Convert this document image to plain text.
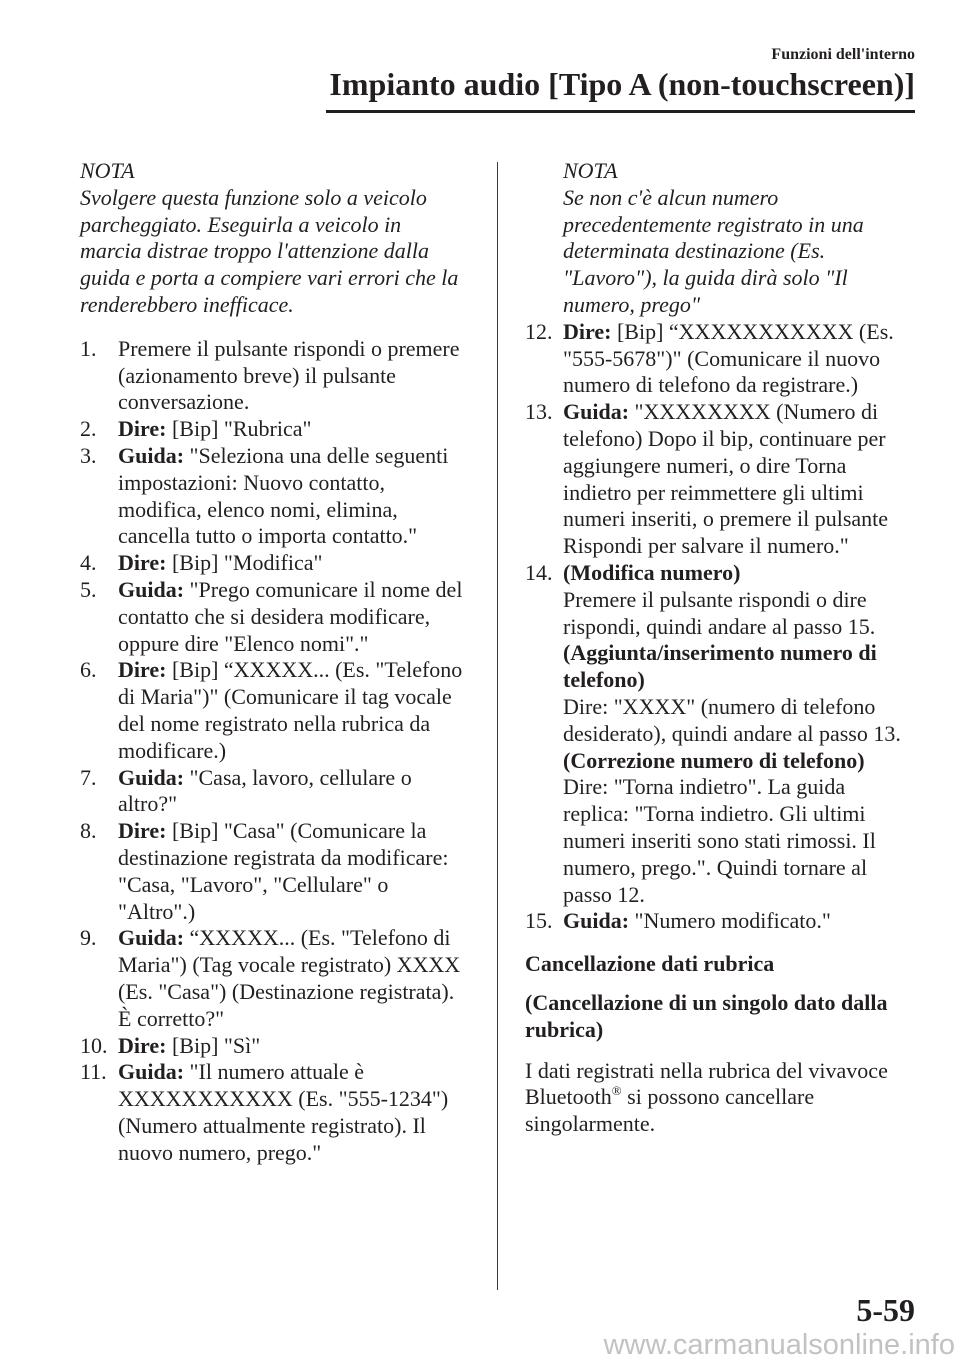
Funzioni dell'interno
Impianto audio [Tipo A (non-touchscreen)]
NOTA
Svolgere questa funzione solo a veicolo
parcheggiato. Eseguirla a veicolo in
marcia distrae troppo l'attenzione dalla
guida e porta a compiere vari errori che la
renderebbero inefficace.
1. Premere il pulsante rispondi o premere
(azionamento breve) il pulsante
conversazione.
2. Dire: [Bip] "Rubrica"
3. Guida: "Seleziona una delle seguenti
impostazioni: Nuovo contatto,
modifica, elenco nomi, elimina,
cancella tutto o importa contatto."
4. Dire: [Bip] "Modifica"
5. Guida: "Prego comunicare il nome del
contatto che si desidera modificare,
oppure dire "Elenco nomi"."
6. Dire: [Bip] “XXXXX... (Es. "Telefono
di Maria")" (Comunicare il tag vocale
del nome registrato nella rubrica da
modificare.)
7. Guida: "Casa, lavoro, cellulare o
altro?"
8. Dire: [Bip] "Casa" (Comunicare la
destinazione registrata da modificare:
"Casa, "Lavoro", "Cellulare" o
"Altro".)
9. Guida: “XXXXX... (Es. "Telefono di
Maria") (Tag vocale registrato) XXXX
(Es. "Casa") (Destinazione registrata).
È corretto?"
10. Dire: [Bip] "Sì"
11. Guida: "Il numero attuale è
XXXXXXXXXXX (Es. "555-1234")
(Numero attualmente registrato). Il
nuovo numero, prego."
NOTA
Se non c'è alcun numero
precedentemente registrato in una
determinata destinazione (Es.
"Lavoro"), la guida dirà solo "Il
numero, prego"
12. Dire: [Bip] “XXXXXXXXXXX (Es.
"555-5678")" (Comunicare il nuovo
numero di telefono da registrare.)
13. Guida: "XXXXXXXX (Numero di
telefono) Dopo il bip, continuare per
aggiungere numeri, o dire Torna
indietro per reimmettere gli ultimi
numeri inseriti, o premere il pulsante
Rispondi per salvare il numero."
14. (Modifica numero)
Premere il pulsante rispondi o dire
rispondi, quindi andare al passo 15.
(Aggiunta/inserimento numero di
telefono)
Dire: "XXXX" (numero di telefono
desiderato), quindi andare al passo 13.
(Correzione numero di telefono)
Dire: "Torna indietro". La guida
replica: "Torna indietro. Gli ultimi
numeri inseriti sono stati rimossi. Il
numero, prego.". Quindi tornare al
passo 12.
15. Guida: "Numero modificato."
Cancellazione dati rubrica
(Cancellazione di un singolo dato dalla
rubrica)
I dati registrati nella rubrica del vivavoce
Bluetooth® si possono cancellare
singolarmente.
5-59
www.carmanualsonline.info
